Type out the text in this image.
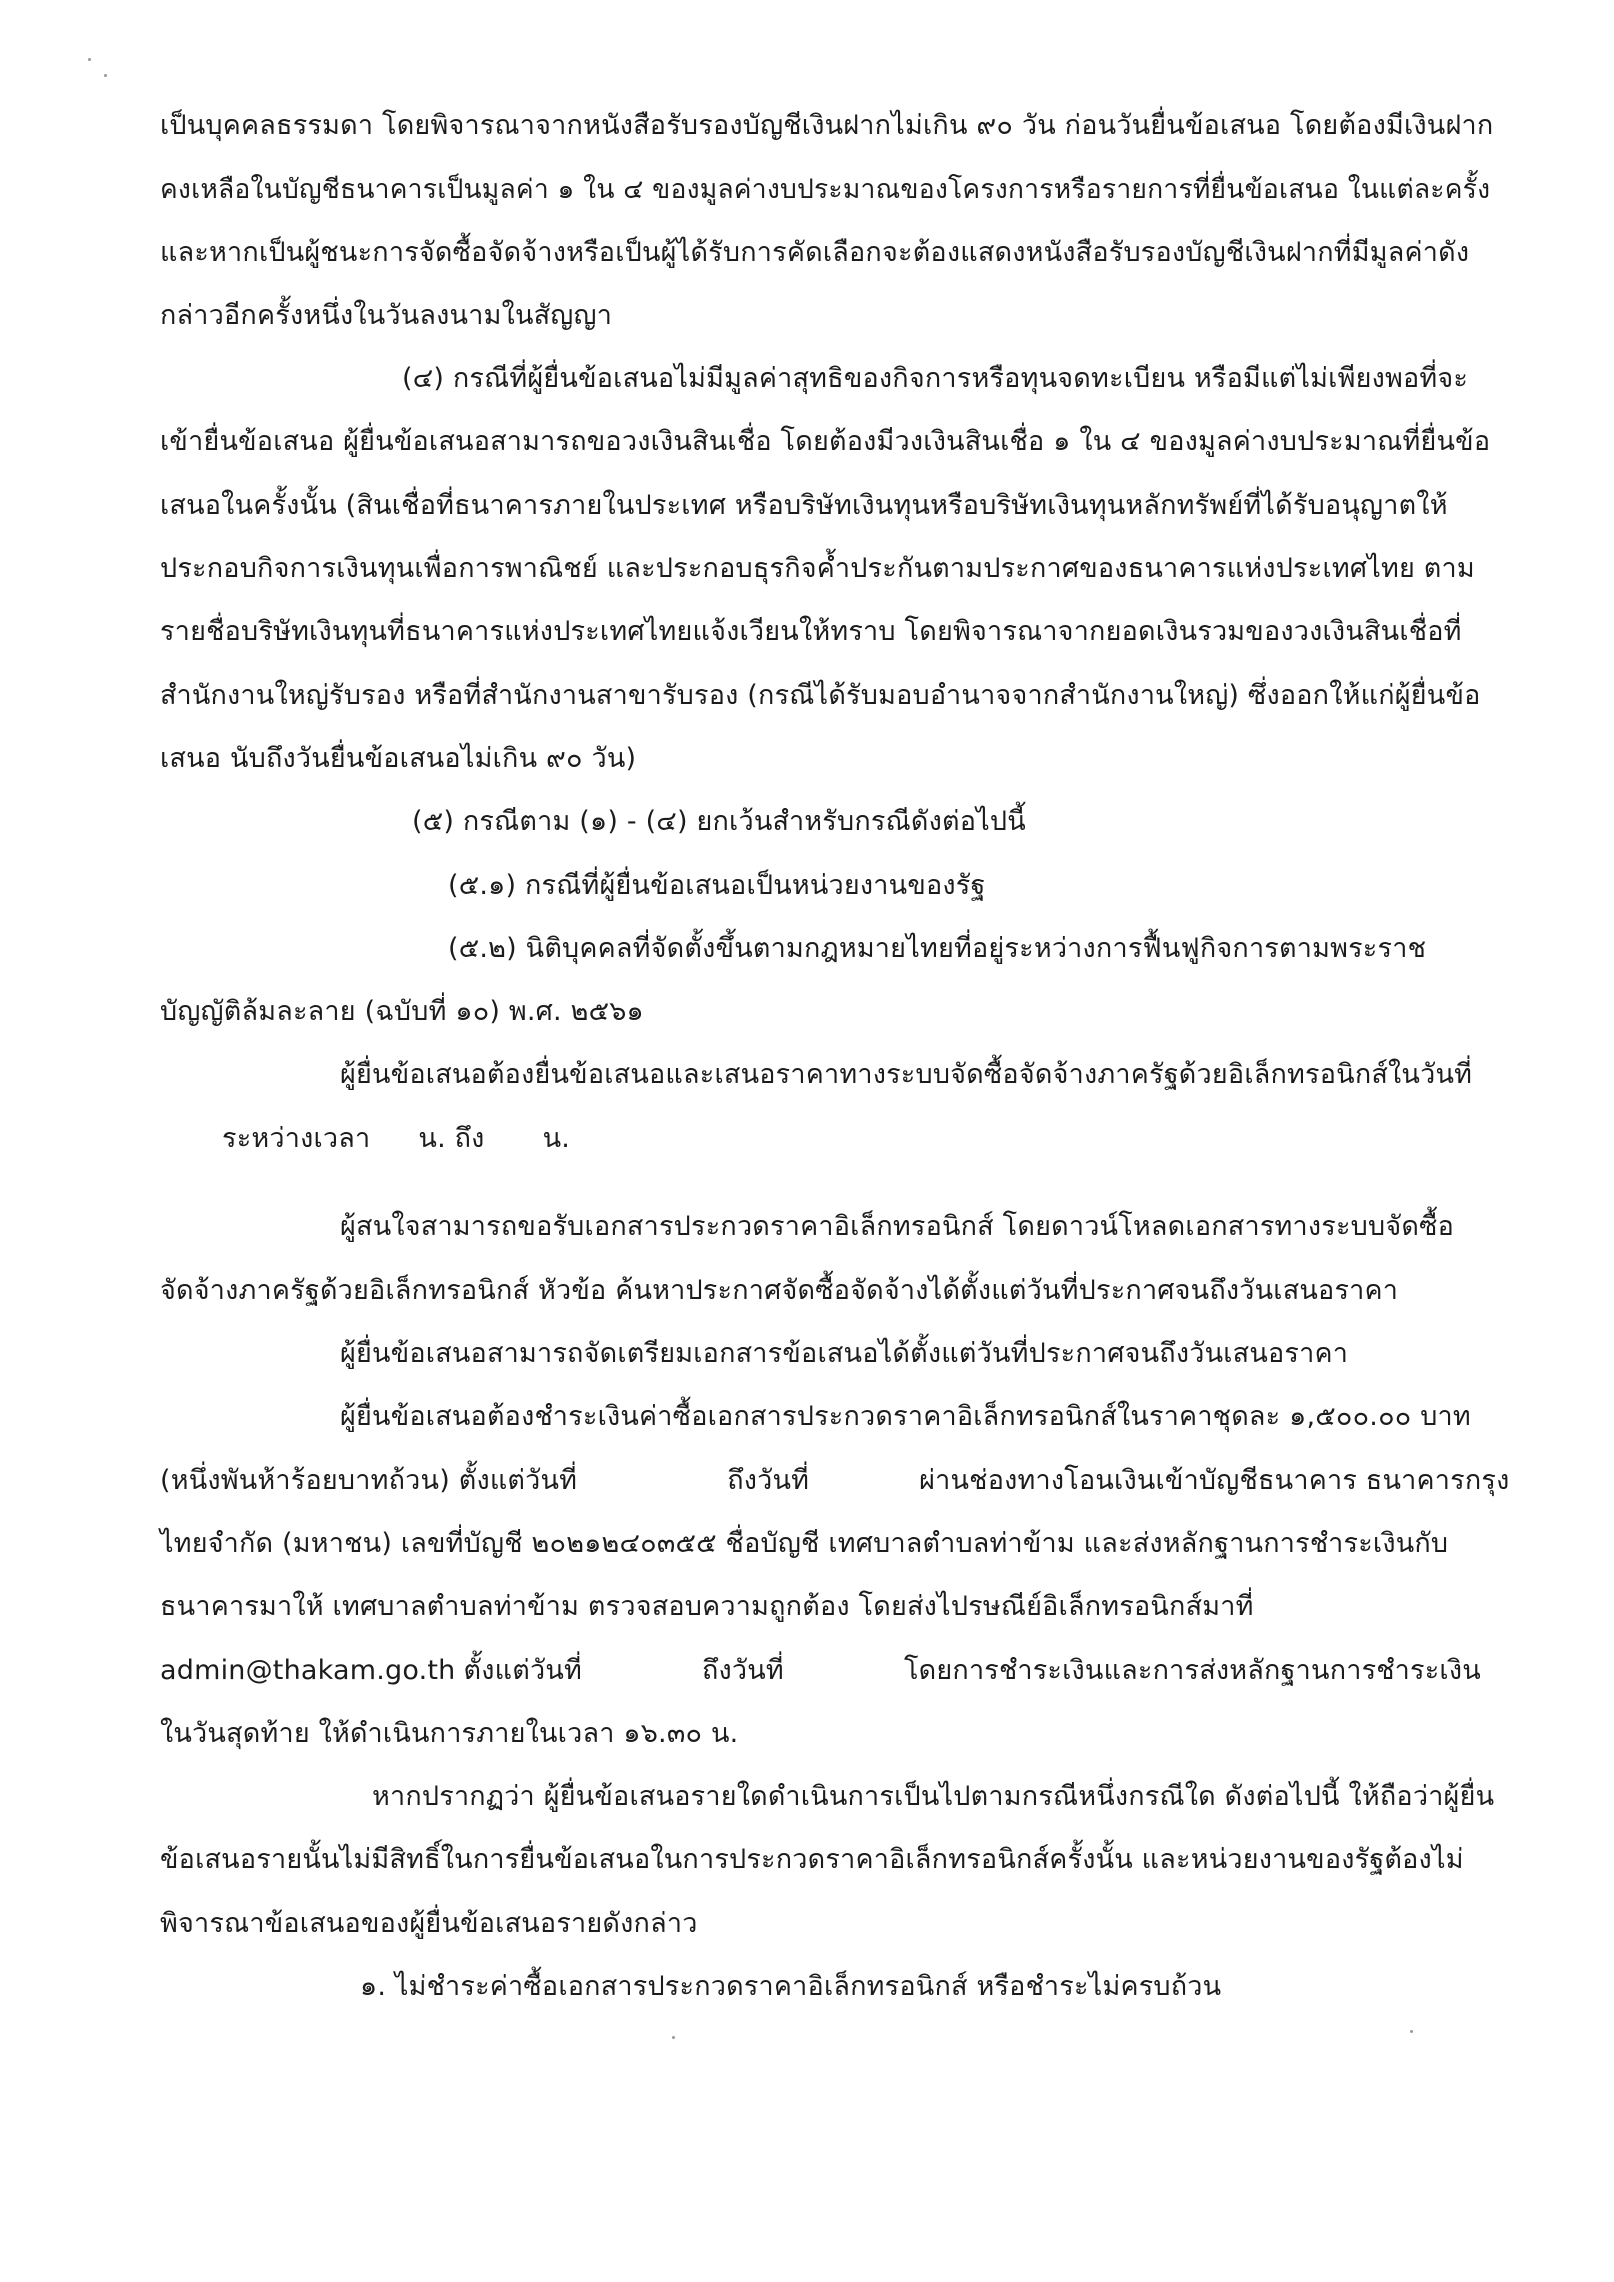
เป็นบุคคลธรรมดา โดยพิจารณาจากหนังสือรับรองบัญชีเงินฝากไม่เกิน ๙๐ วัน ก่อนวันยื่นข้อเสนอ โดยต้องมีเงินฝาก
คงเหลือในบัญชีธนาคารเป็นมูลค่า ๑ ใน ๔ ของมูลค่างบประมาณของโครงการหรือรายการที่ยื่นข้อเสนอ ในแต่ละครั้ง
และหากเป็นผู้ชนะการจัดซื้อจัดจ้างหรือเป็นผู้ได้รับการคัดเลือกจะต้องแสดงหนังสือรับรองบัญชีเงินฝากที่มีมูลค่าดัง
กล่าวอีกครั้งหนึ่งในวันลงนามในสัญญา
(๔) กรณีที่ผู้ยื่นข้อเสนอไม่มีมูลค่าสุทธิของกิจการหรือทุนจดทะเบียน หรือมีแต่ไม่เพียงพอที่จะ
เข้ายื่นข้อเสนอ ผู้ยื่นข้อเสนอสามารถขอวงเงินสินเชื่อ โดยต้องมีวงเงินสินเชื่อ ๑ ใน ๔ ของมูลค่างบประมาณที่ยื่นข้อ
เสนอในครั้งนั้น (สินเชื่อที่ธนาคารภายในประเทศ หรือบริษัทเงินทุนหรือบริษัทเงินทุนหลักทรัพย์ที่ได้รับอนุญาตให้
ประกอบกิจการเงินทุนเพื่อการพาณิชย์ และประกอบธุรกิจค้ำประกันตามประกาศของธนาคารแห่งประเทศไทย ตาม
รายชื่อบริษัทเงินทุนที่ธนาคารแห่งประเทศไทยแจ้งเวียนให้ทราบ โดยพิจารณาจากยอดเงินรวมของวงเงินสินเชื่อที่
สำนักงานใหญ่รับรอง หรือที่สำนักงานสาขารับรอง (กรณีได้รับมอบอำนาจจากสำนักงานใหญ่) ซึ่งออกให้แก่ผู้ยื่นข้อ
เสนอ นับถึงวันยื่นข้อเสนอไม่เกิน ๙๐ วัน)
(๕) กรณีตาม (๑) - (๔) ยกเว้นสำหรับกรณีดังต่อไปนี้
(๕.๑) กรณีที่ผู้ยื่นข้อเสนอเป็นหน่วยงานของรัฐ
(๕.๒) นิติบุคคลที่จัดตั้งขึ้นตามกฎหมายไทยที่อยู่ระหว่างการฟื้นฟูกิจการตามพระราช
บัญญัติล้มละลาย (ฉบับที่ ๑๐) พ.ศ. ๒๕๖๑
ผู้ยื่นข้อเสนอต้องยื่นข้อเสนอและเสนอราคาทางระบบจัดซื้อจัดจ้างภาครัฐด้วยอิเล็กทรอนิกส์ในวันที่
ระหว่างเวลา น. ถึง น.
ผู้สนใจสามารถขอรับเอกสารประกวดราคาอิเล็กทรอนิกส์ โดยดาวน์โหลดเอกสารทางระบบจัดซื้อ
จัดจ้างภาครัฐด้วยอิเล็กทรอนิกส์ หัวข้อ ค้นหาประกาศจัดซื้อจัดจ้างได้ตั้งแต่วันที่ประกาศจนถึงวันเสนอราคา
ผู้ยื่นข้อเสนอสามารถจัดเตรียมเอกสารข้อเสนอได้ตั้งแต่วันที่ประกาศจนถึงวันเสนอราคา
ผู้ยื่นข้อเสนอต้องชำระเงินค่าซื้อเอกสารประกวดราคาอิเล็กทรอนิกส์ในราคาชุดละ ๑,๕๐๐.๐๐ บาท
(หนึ่งพันห้าร้อยบาทถ้วน) ตั้งแต่วันที่	ถึงวันที่	ผ่านช่องทางโอนเงินเข้าบัญชีธนาคาร ธนาคารกรุง
ไทยจำกัด (มหาชน) เลขที่บัญชี ๒๐๒๑๒๔๐๓๕๕ ชื่อบัญชี เทศบาลตำบลท่าข้าม และส่งหลักฐานการชำระเงินกับ
ธนาคารมาให้ เทศบาลตำบลท่าข้าม ตรวจสอบความถูกต้อง โดยส่งไปรษณีย์อิเล็กทรอนิกส์มาที่
admin@thakam.go.th ตั้งแต่วันที่	ถึงวันที่	โดยการชำระเงินและการส่งหลักฐานการชำระเงิน
ในวันสุดท้าย ให้ดำเนินการภายในเวลา ๑๖.๓๐ น.
หากปรากฏว่า ผู้ยื่นข้อเสนอรายใดดำเนินการเป็นไปตามกรณีหนึ่งกรณีใด ดังต่อไปนี้ ให้ถือว่าผู้ยื่น
ข้อเสนอรายนั้นไม่มีสิทธิ์ในการยื่นข้อเสนอในการประกวดราคาอิเล็กทรอนิกส์ครั้งนั้น และหน่วยงานของรัฐต้องไม่
พิจารณาข้อเสนอของผู้ยื่นข้อเสนอรายดังกล่าว
๑. ไม่ชำระค่าซื้อเอกสารประกวดราคาอิเล็กทรอนิกส์ หรือชำระไม่ครบถ้วน
